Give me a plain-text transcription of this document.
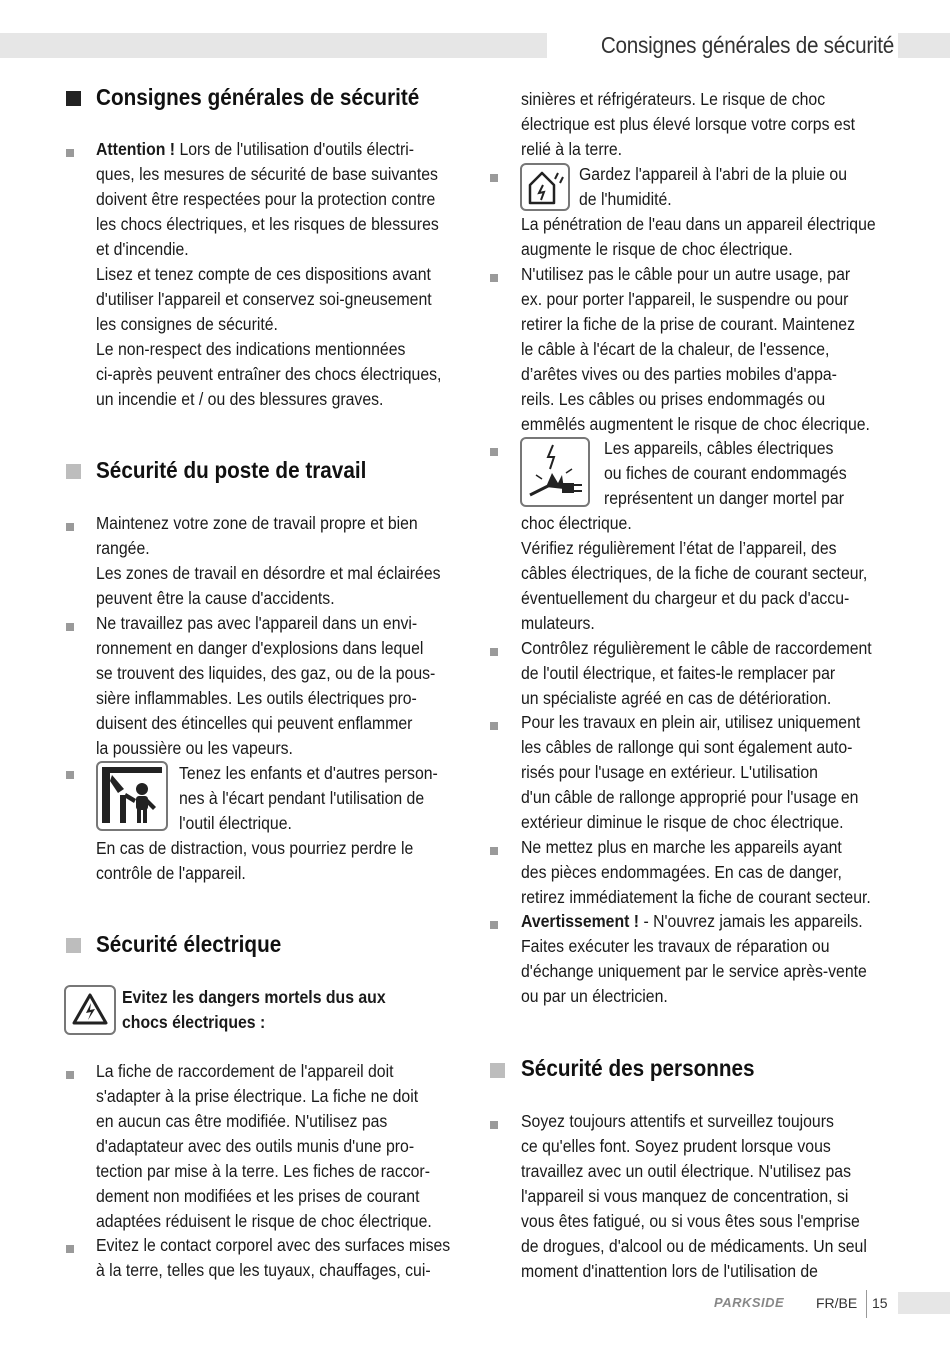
Consignes générales de sécurité
Consignes générales de sécurité
Attention ! Lors de l'utilisation d'outils électri-
ques, les mesures de sécurité de base suivantes
doivent être respectées pour la protection contre
les chocs électriques, et les risques de blessures
et d'incendie.
Lisez et tenez compte de ces dispositions avant
d'utiliser l'appareil et conservez soi-gneusement
les consignes de sécurité.
Le non-respect des indications mentionnées
ci-après peuvent entraîner des chocs électriques,
un incendie et / ou des blessures graves.
Sécurité du poste de travail
Maintenez votre zone de travail propre et bien
rangée.
Les zones de travail en désordre et mal éclairées
peuvent être la cause d'accidents.
Ne travaillez pas avec l'appareil dans un envi-
ronnement en danger d'explosions dans lequel
se trouvent des liquides, des gaz, ou de la pous-
sière inflammables. Les outils électriques pro-
duisent des étincelles qui peuvent enflammer
la poussière ou les vapeurs.
Tenez les enfants et d'autres person-
nes à l'écart pendant l'utilisation de
l'outil électrique.
En cas de distraction, vous pourriez perdre le
contrôle de l'appareil.
Sécurité électrique
Evitez les dangers mortels dus aux
chocs électriques :
La fiche de raccordement de l'appareil doit
s'adapter à la prise électrique. La fiche ne doit
en aucun cas être modifiée. N'utilisez pas
d'adaptateur avec des outils munis d'une pro-
tection par mise à la terre. Les fiches de raccor-
dement non modifiées et les prises de courant
adaptées réduisent le risque de choc électrique.
Evitez le contact corporel avec des surfaces mises
à la terre, telles que les tuyaux, chauffages, cui-
sinières et réfrigérateurs. Le risque de choc
électrique est plus élevé lorsque votre corps est
relié à la terre.
Gardez l'appareil à l'abri de la pluie ou
de l'humidité.
La pénétration de l'eau dans un appareil électrique
augmente le risque de choc électrique.
N'utilisez pas le câble pour un autre usage, par
ex. pour porter l'appareil, le suspendre ou pour
retirer la fiche de la prise de courant. Maintenez
le câble à l'écart de la chaleur, de l'essence,
d’arêtes vives ou des parties mobiles d'appa-
reils. Les câbles ou prises endommagés ou
emmêlés augmentent le risque de choc élecrique.
Les appareils, câbles électriques
ou fiches de courant endommagés
représentent un danger mortel par
choc électrique.
Vérifiez régulièrement l’état de l’appareil, des
câbles électriques, de la fiche de courant secteur,
éventuellement du chargeur et du pack d'accu-
mulateurs.
Contrôlez régulièrement le câble de raccordement
de l'outil électrique, et faites-le remplacer par
un spécialiste agréé en cas de détérioration.
Pour les travaux en plein air, utilisez uniquement
les câbles de rallonge qui sont également auto-
risés pour l'usage en extérieur. L'utilisation
d'un câble de rallonge approprié pour l'usage en
extérieur diminue le risque de choc électrique.
Ne mettez plus en marche les appareils ayant
des pièces endommagées. En cas de danger,
retirez immédiatement la fiche de courant secteur.
Avertissement ! - N'ouvrez jamais les appareils.
Faites exécuter les travaux de réparation ou
d'échange uniquement par le service après-vente
ou par un électricien.
Sécurité des personnes
Soyez toujours attentifs et surveillez toujours
ce qu'elles font. Soyez prudent lorsque vous
travaillez avec un outil électrique. N'utilisez pas
l'appareil si vous manquez de concentration, si
vous êtes fatigué, ou si vous êtes sous l'emprise
de drogues, d'alcool ou de médicaments. Un seul
moment d'inattention lors de l'utilisation de
PARKSIDE FR/BE 15
